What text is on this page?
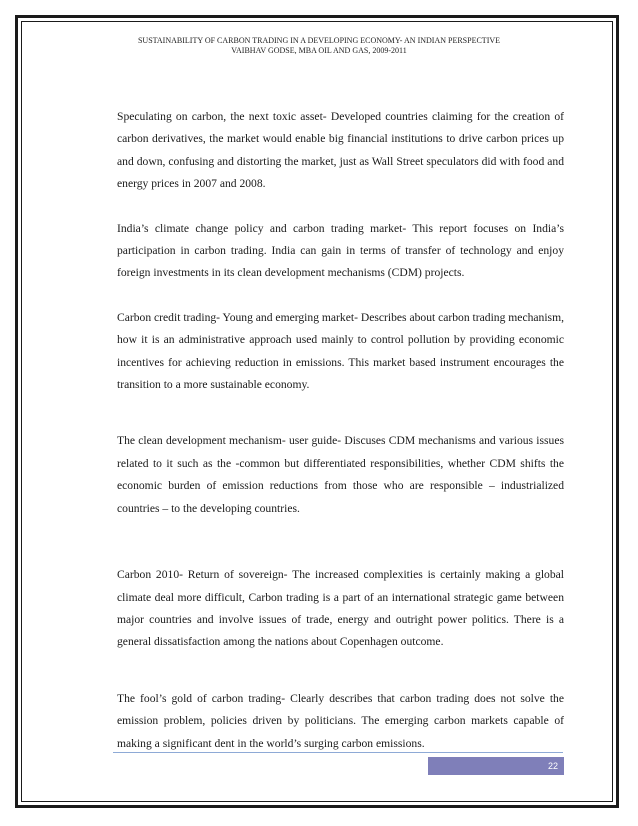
SUSTAINABILITY OF CARBON TRADING IN A DEVELOPING ECONOMY- AN INDIAN PERSPECTIVE
VAIBHAV GODSE, MBA OIL AND GAS, 2009-2011

Speculating on carbon, the next toxic asset- Developed countries claiming for the creation of carbon derivatives, the market would enable big financial institutions to drive carbon prices up and down, confusing and distorting the market, just as Wall Street speculators did with food and energy prices in 2007 and 2008.

India’s climate change policy and carbon trading market- This report focuses on India’s participation in carbon trading. India can gain in terms of transfer of technology and enjoy foreign investments in its clean development mechanisms (CDM) projects.

Carbon credit trading- Young and emerging market- Describes about carbon trading mechanism, how it is an administrative approach used mainly to control pollution by providing economic incentives for achieving reduction in emissions. This market based instrument encourages the transition to a more sustainable economy.

The clean development mechanism- user guide- Discuses CDM mechanisms and various issues related to it such as the -common but differentiated responsibilities, whether CDM shifts the economic burden of emission reductions from those who are responsible – industrialized countries – to the developing countries.

Carbon 2010- Return of sovereign- The increased complexities is certainly making a global climate deal more difficult, Carbon trading is a part of an international strategic game between major countries and involve issues of trade, energy and outright power politics. There is a general dissatisfaction among the nations about Copenhagen outcome.

The fool’s gold of carbon trading- Clearly describes that carbon trading does not solve the emission problem, policies driven by politicians. The emerging carbon markets capable of making a significant dent in the world’s surging carbon emissions.

22
